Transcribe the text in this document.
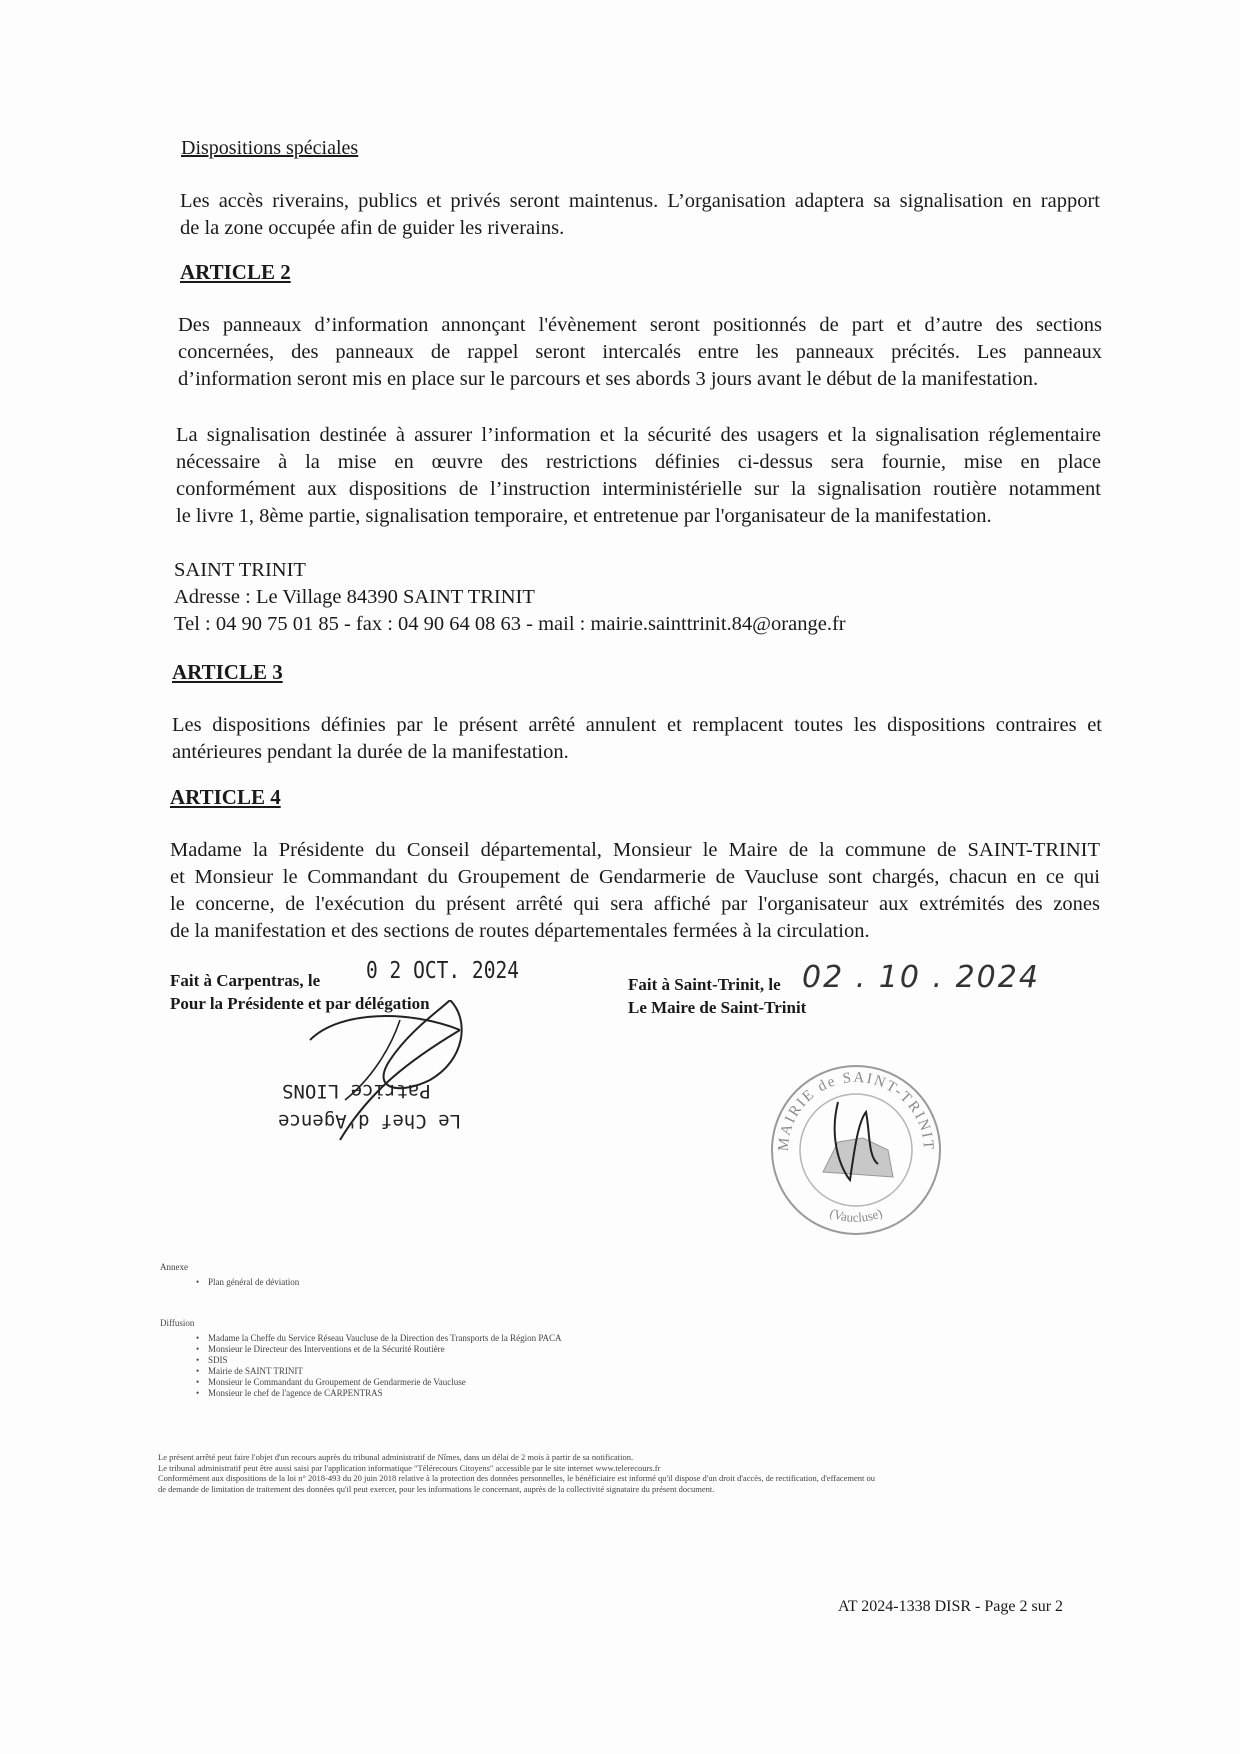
Dispositions spéciales
Les accès riverains, publics et privés seront maintenus. L’organisation adaptera sa signalisation en rapport
de la zone occupée afin de guider les riverains.
ARTICLE 2
Des panneaux d’information annonçant l'évènement seront positionnés de part et d’autre des sections
concernées, des panneaux de rappel seront intercalés entre les panneaux précités. Les panneaux
d’information seront mis en place sur le parcours et ses abords 3 jours avant le début de la manifestation.
La signalisation destinée à assurer l’information et la sécurité des usagers et la signalisation réglementaire
nécessaire à la mise en œuvre des restrictions définies ci-dessus sera fournie, mise en place
conformément aux dispositions de l’instruction interministérielle sur la signalisation routière notamment
le livre 1, 8ème partie, signalisation temporaire, et entretenue par l'organisateur de la manifestation.
SAINT TRINIT
Adresse : Le Village 84390 SAINT TRINIT
Tel : 04 90 75 01 85 - fax : 04 90 64 08 63 - mail : mairie.sainttrinit.84@orange.fr
ARTICLE 3
Les dispositions définies par le présent arrêté annulent et remplacent toutes les dispositions contraires et
antérieures pendant la durée de la manifestation.
ARTICLE 4
Madame la Présidente du Conseil départemental, Monsieur le Maire de la commune de SAINT-TRINIT
et Monsieur le Commandant du Groupement de Gendarmerie de Vaucluse sont chargés, chacun en ce qui
le concerne, de l'exécution du présent arrêté qui sera affiché par l'organisateur aux extrémités des zones
de la manifestation et des sections de routes départementales fermées à la circulation.
Fait à Carpentras, le 0 2 OCT. 2024
Pour la Présidente et par délégation
Patrice LIONS
Le Chef d'Agence
Fait à Saint-Trinit, le 02 . 10 . 2024
Le Maire de Saint-Trinit
MAIRIE de SAINT-TRINIT
(Vaucluse)
Annexe
• Plan général de déviation
Diffusion
• Madame la Cheffe du Service Réseau Vaucluse de la Direction des Transports de la Région PACA
• Monsieur le Directeur des Interventions et de la Sécurité Routière
• SDIS
• Mairie de SAINT TRINIT
• Monsieur le Commandant du Groupement de Gendarmerie de Vaucluse
• Monsieur le chef de l'agence de CARPENTRAS
Le présent arrêté peut faire l'objet d'un recours auprès du tribunal administratif de Nîmes, dans un délai de 2 mois à partir de sa notification.
Le tribunal administratif peut être aussi saisi par l'application informatique "Télérecours Citoyens" accessible par le site internet www.telerecours.fr
Conformément aux dispositions de la loi n° 2018-493 du 20 juin 2018 relative à la protection des données personnelles, le bénéficiaire est informé qu'il dispose d'un droit d'accès, de rectification, d'effacement ou
de demande de limitation de traitement des données qu'il peut exercer, pour les informations le concernant, auprès de la collectivité signataire du présent document.
AT 2024-1338 DISR - Page 2 sur 2
